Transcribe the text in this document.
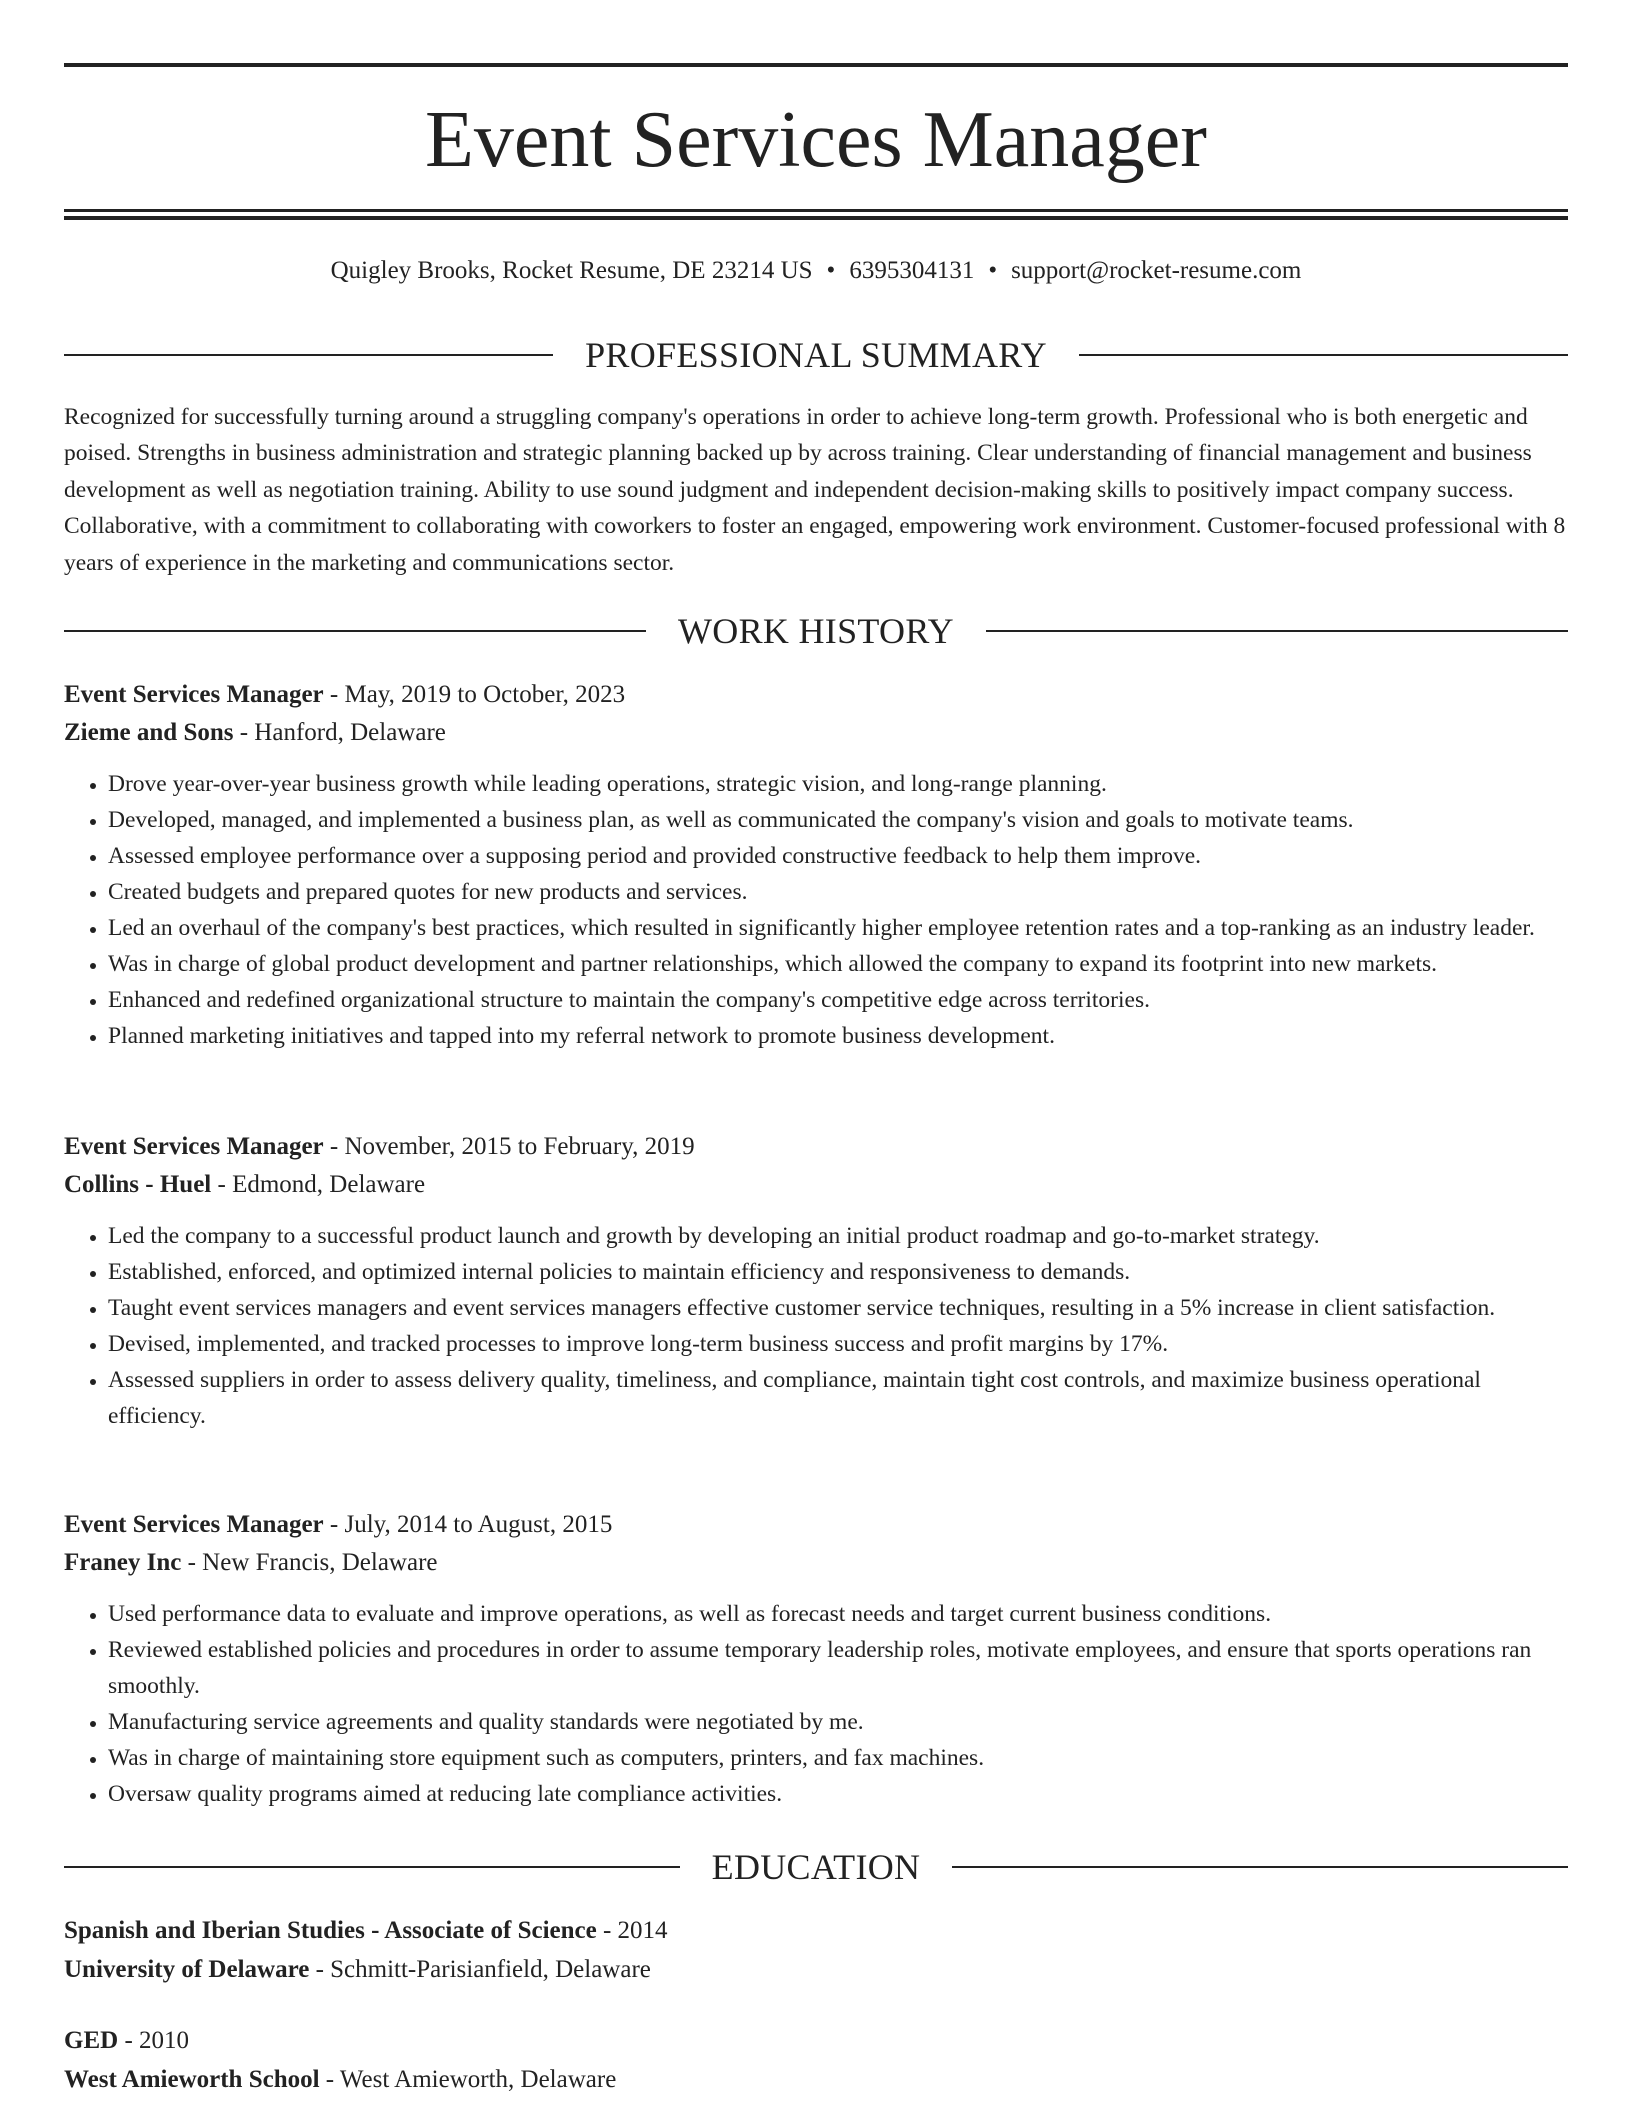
Event Services Manager
Quigley Brooks, Rocket Resume, DE 23214 US • 6395304131 • support@rocket-resume.com
PROFESSIONAL SUMMARY

Recognized for successfully turning around a struggling company's operations in order to achieve long-term growth. Professional who is both energetic and poised. Strengths in business administration and strategic planning backed up by across training. Clear understanding of financial management and business development as well as negotiation training. Ability to use sound judgment and independent decision-making skills to positively impact company success. Collaborative, with a commitment to collaborating with coworkers to foster an engaged, empowering work environment. Customer-focused professional with 8 years of experience in the marketing and communications sector.

WORK HISTORY
Event Services Manager - May, 2019 to October, 2023
Zieme and Sons - Hanford, Delaware
• Drove year-over-year business growth while leading operations, strategic vision, and long-range planning.
• Developed, managed, and implemented a business plan, as well as communicated the company's vision and goals to motivate teams.
• Assessed employee performance over a supposing period and provided constructive feedback to help them improve.
• Created budgets and prepared quotes for new products and services.
• Led an overhaul of the company's best practices, which resulted in significantly higher employee retention rates and a top-ranking as an industry leader.
• Was in charge of global product development and partner relationships, which allowed the company to expand its footprint into new markets.
• Enhanced and redefined organizational structure to maintain the company's competitive edge across territories.
• Planned marketing initiatives and tapped into my referral network to promote business development.
Event Services Manager - November, 2015 to February, 2019
Collins - Huel - Edmond, Delaware
• Led the company to a successful product launch and growth by developing an initial product roadmap and go-to-market strategy.
• Established, enforced, and optimized internal policies to maintain efficiency and responsiveness to demands.
• Taught event services managers and event services managers effective customer service techniques, resulting in a 5% increase in client satisfaction.
• Devised, implemented, and tracked processes to improve long-term business success and profit margins by 17%.
• Assessed suppliers in order to assess delivery quality, timeliness, and compliance, maintain tight cost controls, and maximize business operational efficiency.
Event Services Manager - July, 2014 to August, 2015
Franey Inc - New Francis, Delaware
• Used performance data to evaluate and improve operations, as well as forecast needs and target current business conditions.
• Reviewed established policies and procedures in order to assume temporary leadership roles, motivate employees, and ensure that sports operations ran smoothly.
• Manufacturing service agreements and quality standards were negotiated by me.
• Was in charge of maintaining store equipment such as computers, printers, and fax machines.
• Oversaw quality programs aimed at reducing late compliance activities.
EDUCATION
Spanish and Iberian Studies - Associate of Science - 2014
University of Delaware - Schmitt-Parisianfield, Delaware
GED - 2010
West Amieworth School - West Amieworth, Delaware
